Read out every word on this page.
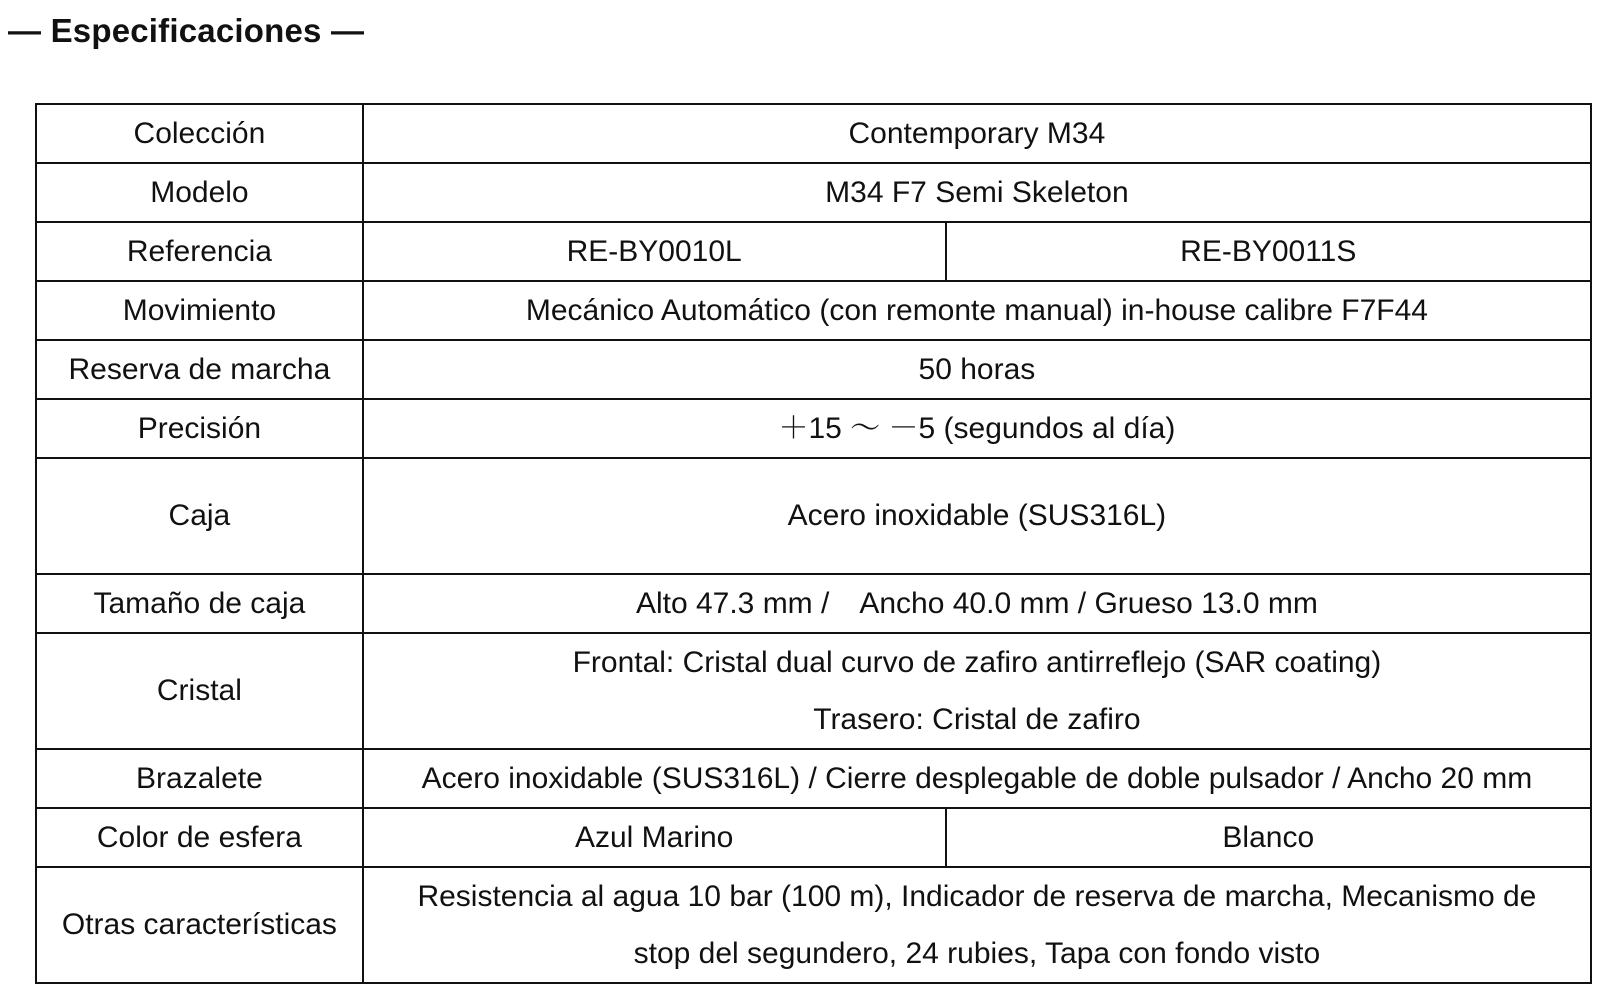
— Especificaciones —
Colección	Contemporary M34	
Modelo	M34 F7 Semi Skeleton	
Referencia	RE-BY0010L	RE-BY0011S
Movimiento	Mecánico Automático (con remonte manual) in-house calibre F7F44	
Reserva de marcha	50 horas	
Precisión	＋15 ～ －5 (segundos al día)	
Caja	Acero inoxidable (SUS316L)	
Tamaño de caja	Alto 47.3 mm /　Ancho 40.0 mm / Grueso 13.0 mm	
Cristal	Frontal: Cristal dual curvo de zafiro antirreflejo (SAR coating)
Trasero: Cristal de zafiro	

Brazalete	Acero inoxidable (SUS316L) / Cierre desplegable de doble pulsador / Ancho 20 mm	
Color de esfera	Azul Marino	Blanco
Otras características	Resistencia al agua 10 bar (100 m), Indicador de reserva de marcha, Mecanismo de
stop del segundero, 24 rubies, Tapa con fondo visto	
